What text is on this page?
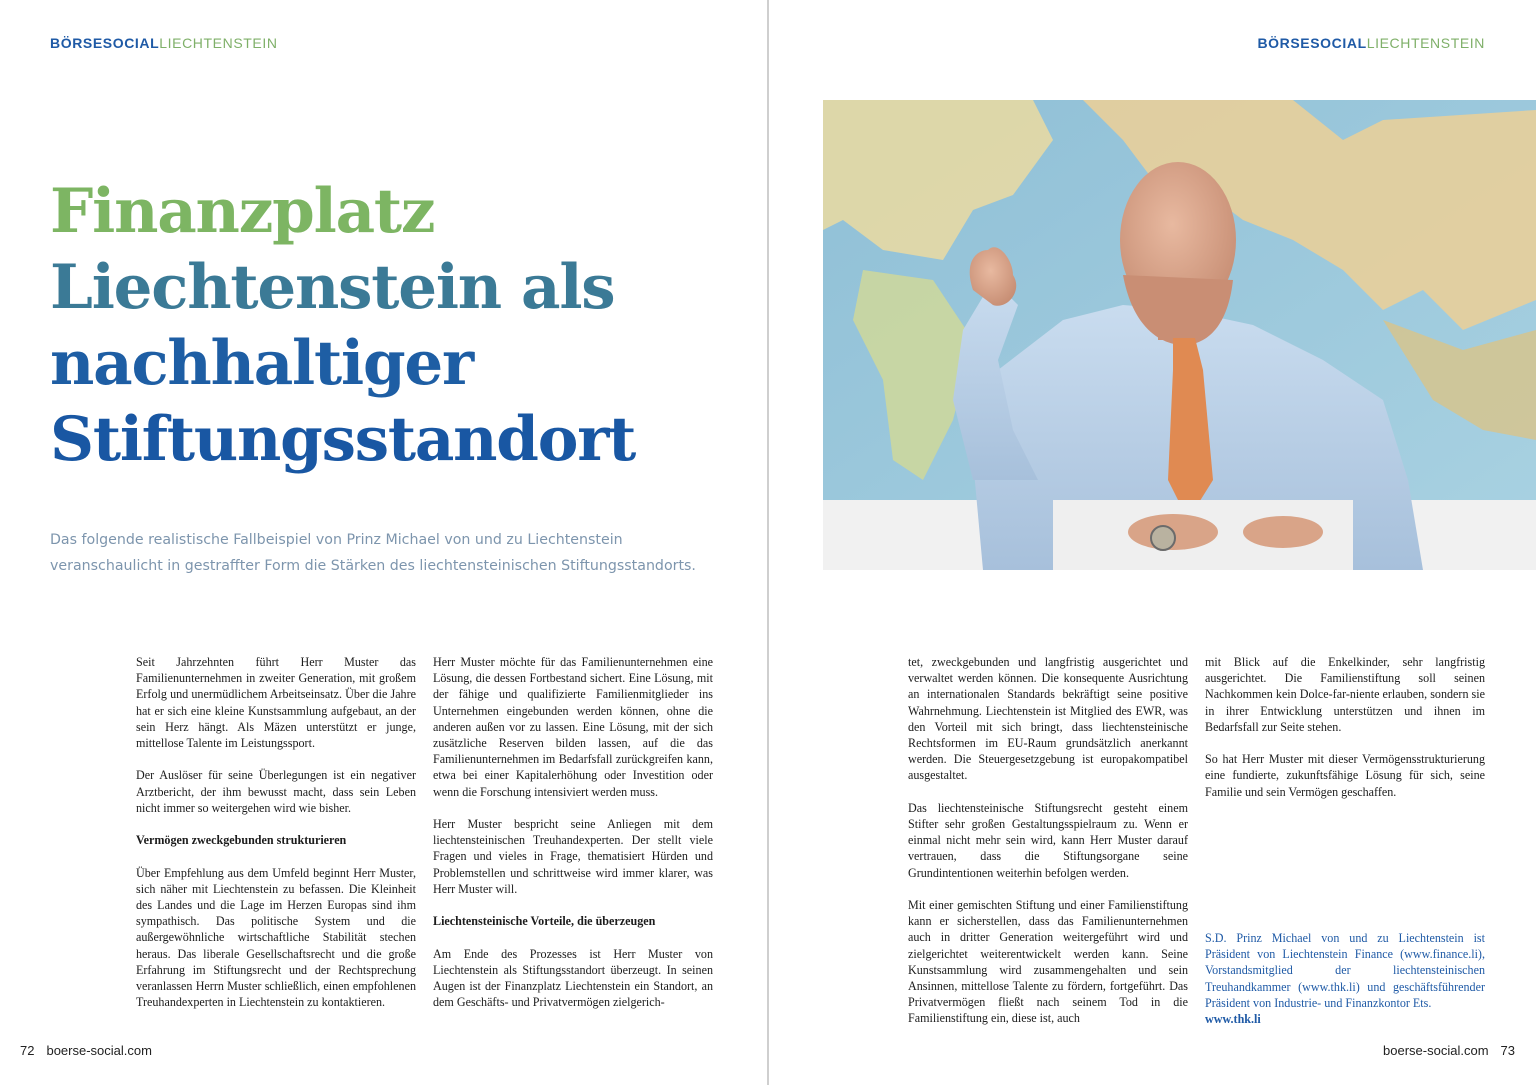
BÖRSESOCIALLIECHTENSTEIN
Finanzplatz
Liechtenstein als
nachhaltiger
Stiftungsstandort

Das folgende realistische Fallbeispiel von Prinz Michael von und zu Liechtenstein veranschaulicht in gestraffter Form die Stärken des liechtensteinischen Stiftungsstandorts.

Seit Jahrzehnten führt Herr Muster das Familienunternehmen in zweiter Generation, mit großem Erfolg und unermüdlichem Arbeitseinsatz. Über die Jahre hat er sich eine kleine Kunstsammlung aufgebaut, an der sein Herz hängt. Als Mäzen unterstützt er junge, mittellose Talente im Leistungssport.

Der Auslöser für seine Überlegungen ist ein negativer Arztbericht, der ihm bewusst macht, dass sein Leben nicht immer so weitergehen wird wie bisher.

Vermögen zweckgebunden strukturieren

Über Empfehlung aus dem Umfeld beginnt Herr Muster, sich näher mit Liechtenstein zu befassen. Die Kleinheit des Landes und die Lage im Herzen Europas sind ihm sympathisch. Das politische System und die außergewöhnliche wirtschaftliche Stabilität stechen heraus. Das liberale Gesellschaftsrecht und die große Erfahrung im Stiftungsrecht und der Rechtsprechung veranlassen Herrn Muster schließlich, einen empfohlenen Treuhandexperten in Liechtenstein zu kontaktieren.

Herr Muster möchte für das Familienunternehmen eine Lösung, die dessen Fortbestand sichert. Eine Lösung, mit der fähige und qualifizierte Familienmitglieder ins Unternehmen eingebunden werden können, ohne die anderen außen vor zu lassen. Eine Lösung, mit der sich zusätzliche Reserven bilden lassen, auf die das Familienunternehmen im Bedarfsfall zurückgreifen kann, etwa bei einer Kapitalerhöhung oder Investition oder wenn die Forschung intensiviert werden muss.

Herr Muster bespricht seine Anliegen mit dem liechtensteinischen Treuhandexperten. Der stellt viele Fragen und vieles in Frage, thematisiert Hürden und Problemstellen und schrittweise wird immer klarer, was Herr Muster will.

Liechtensteinische Vorteile, die überzeugen

Am Ende des Prozesses ist Herr Muster von Liechtenstein als Stiftungsstandort überzeugt. In seinen Augen ist der Finanzplatz Liechtenstein ein Standort, an dem Geschäfts- und Privatvermögen zielgerich-

72 boerse-social.com
BÖRSESOCIALLIECHTENSTEIN

tet, zweckgebunden und langfristig ausgerichtet und verwaltet werden können. Die konsequente Ausrichtung an internationalen Standards bekräftigt seine positive Wahrnehmung. Liechtenstein ist Mitglied des EWR, was den Vorteil mit sich bringt, dass liechtensteinische Rechtsformen im EU-Raum grundsätzlich anerkannt werden. Die Steuergesetzgebung ist europakompatibel ausgestaltet.

Das liechtensteinische Stiftungsrecht gesteht einem Stifter sehr großen Gestaltungsspielraum zu. Wenn er einmal nicht mehr sein wird, kann Herr Muster darauf vertrauen, dass die Stiftungsorgane seine Grundintentionen weiterhin befolgen werden.

Mit einer gemischten Stiftung und einer Familienstiftung kann er sicherstellen, dass das Familienunternehmen auch in dritter Generation weitergeführt wird und zielgerichtet weiterentwickelt werden kann. Seine Kunstsammlung wird zusammengehalten und sein Ansinnen, mittellose Talente zu fördern, fortgeführt. Das Privatvermögen fließt nach seinem Tod in die Familienstiftung ein, diese ist, auch

mit Blick auf die Enkelkinder, sehr langfristig ausgerichtet. Die Familienstiftung soll seinen Nachkommen kein Dolce-far-niente erlauben, sondern sie in ihrer Entwicklung unterstützen und ihnen im Bedarfsfall zur Seite stehen.

So hat Herr Muster mit dieser Vermögensstrukturierung eine fundierte, zukunftsfähige Lösung für sich, seine Familie und sein Vermögen geschaffen.

S.D. Prinz Michael von und zu Liechtenstein ist Präsident von Liechtenstein Finance (www.finance.li), Vorstandsmitglied der liechtensteinischen Treuhandkammer (www.thk.li) und geschäftsführender Präsident von Industrie- und Finanzkontor Ets.
www.thk.li
boerse-social.com 73
